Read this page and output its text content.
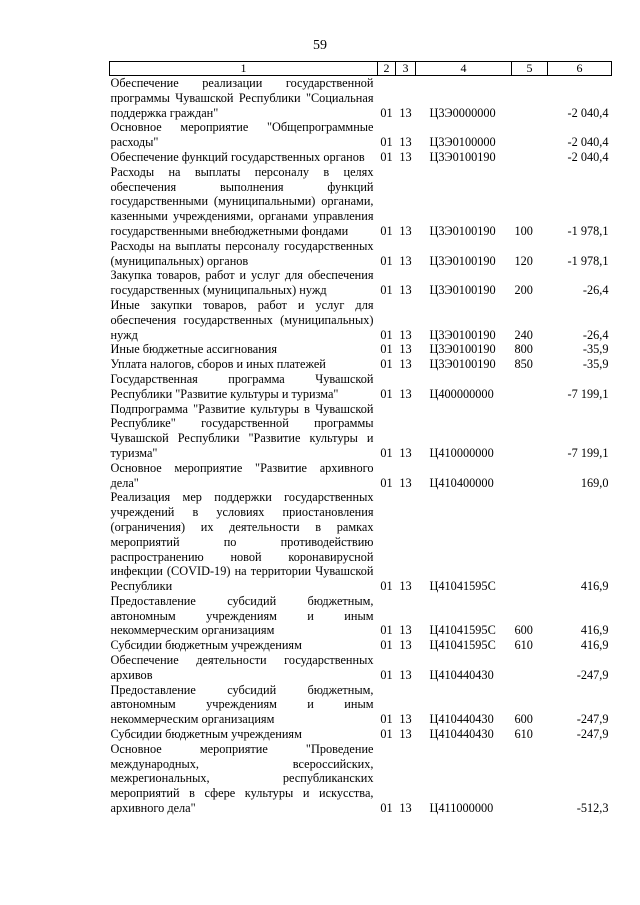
59
1	2	3	4	5	6
Обеспечение реализации государственной программы Чувашской Республики "Социальная поддержка граждан"	01	13	Ц3Э0000000		-2 040,4
Основное мероприятие "Общепрограммные расходы"	01	13	Ц3Э0100000		-2 040,4
Обеспечение функций государственных органов	01	13	Ц3Э0100190		-2 040,4
Расходы на выплаты персоналу в целях обеспечения выполнения функций государственными (муниципальными) органами, казенными учреждениями, органами управления государственными внебюджетными фондами	01	13	Ц3Э0100190	100	-1 978,1
Расходы на выплаты персоналу государственных (муниципальных) органов	01	13	Ц3Э0100190	120	-1 978,1
Закупка товаров, работ и услуг для обеспечения государственных (муниципальных) нужд	01	13	Ц3Э0100190	200	-26,4
Иные закупки товаров, работ и услуг для обеспечения государственных (муниципальных) нужд	01	13	Ц3Э0100190	240	-26,4
Иные бюджетные ассигнования	01	13	Ц3Э0100190	800	-35,9
Уплата налогов, сборов и иных платежей	01	13	Ц3Э0100190	850	-35,9
Государственная программа Чувашской Республики "Развитие культуры и туризма"	01	13	Ц400000000		-7 199,1
Подпрограмма "Развитие культуры в Чувашской Республике" государственной программы Чувашской Республики "Развитие культуры и туризма"	01	13	Ц410000000		-7 199,1
Основное мероприятие "Развитие архивного дела"	01	13	Ц410400000		169,0
Реализация мер поддержки государственных учреждений в условиях приостановления (ограничения) их деятельности в рамках мероприятий по противодействию распространению новой коронавирусной инфекции (COVID-19) на территории Чувашской Республики	01	13	Ц41041595С		416,9
Предоставление субсидий бюджетным, автономным учреждениям и иным некоммерческим организациям	01	13	Ц41041595С	600	416,9
Субсидии бюджетным учреждениям	01	13	Ц41041595С	610	416,9
Обеспечение деятельности государственных архивов	01	13	Ц410440430		-247,9
Предоставление субсидий бюджетным, автономным учреждениям и иным некоммерческим организациям	01	13	Ц410440430	600	-247,9
Субсидии бюджетным учреждениям	01	13	Ц410440430	610	-247,9
Основное мероприятие "Проведение международных, всероссийских, межрегиональных, республиканских мероприятий в сфере культуры и искусства, архивного дела"	01	13	Ц411000000		-512,3
